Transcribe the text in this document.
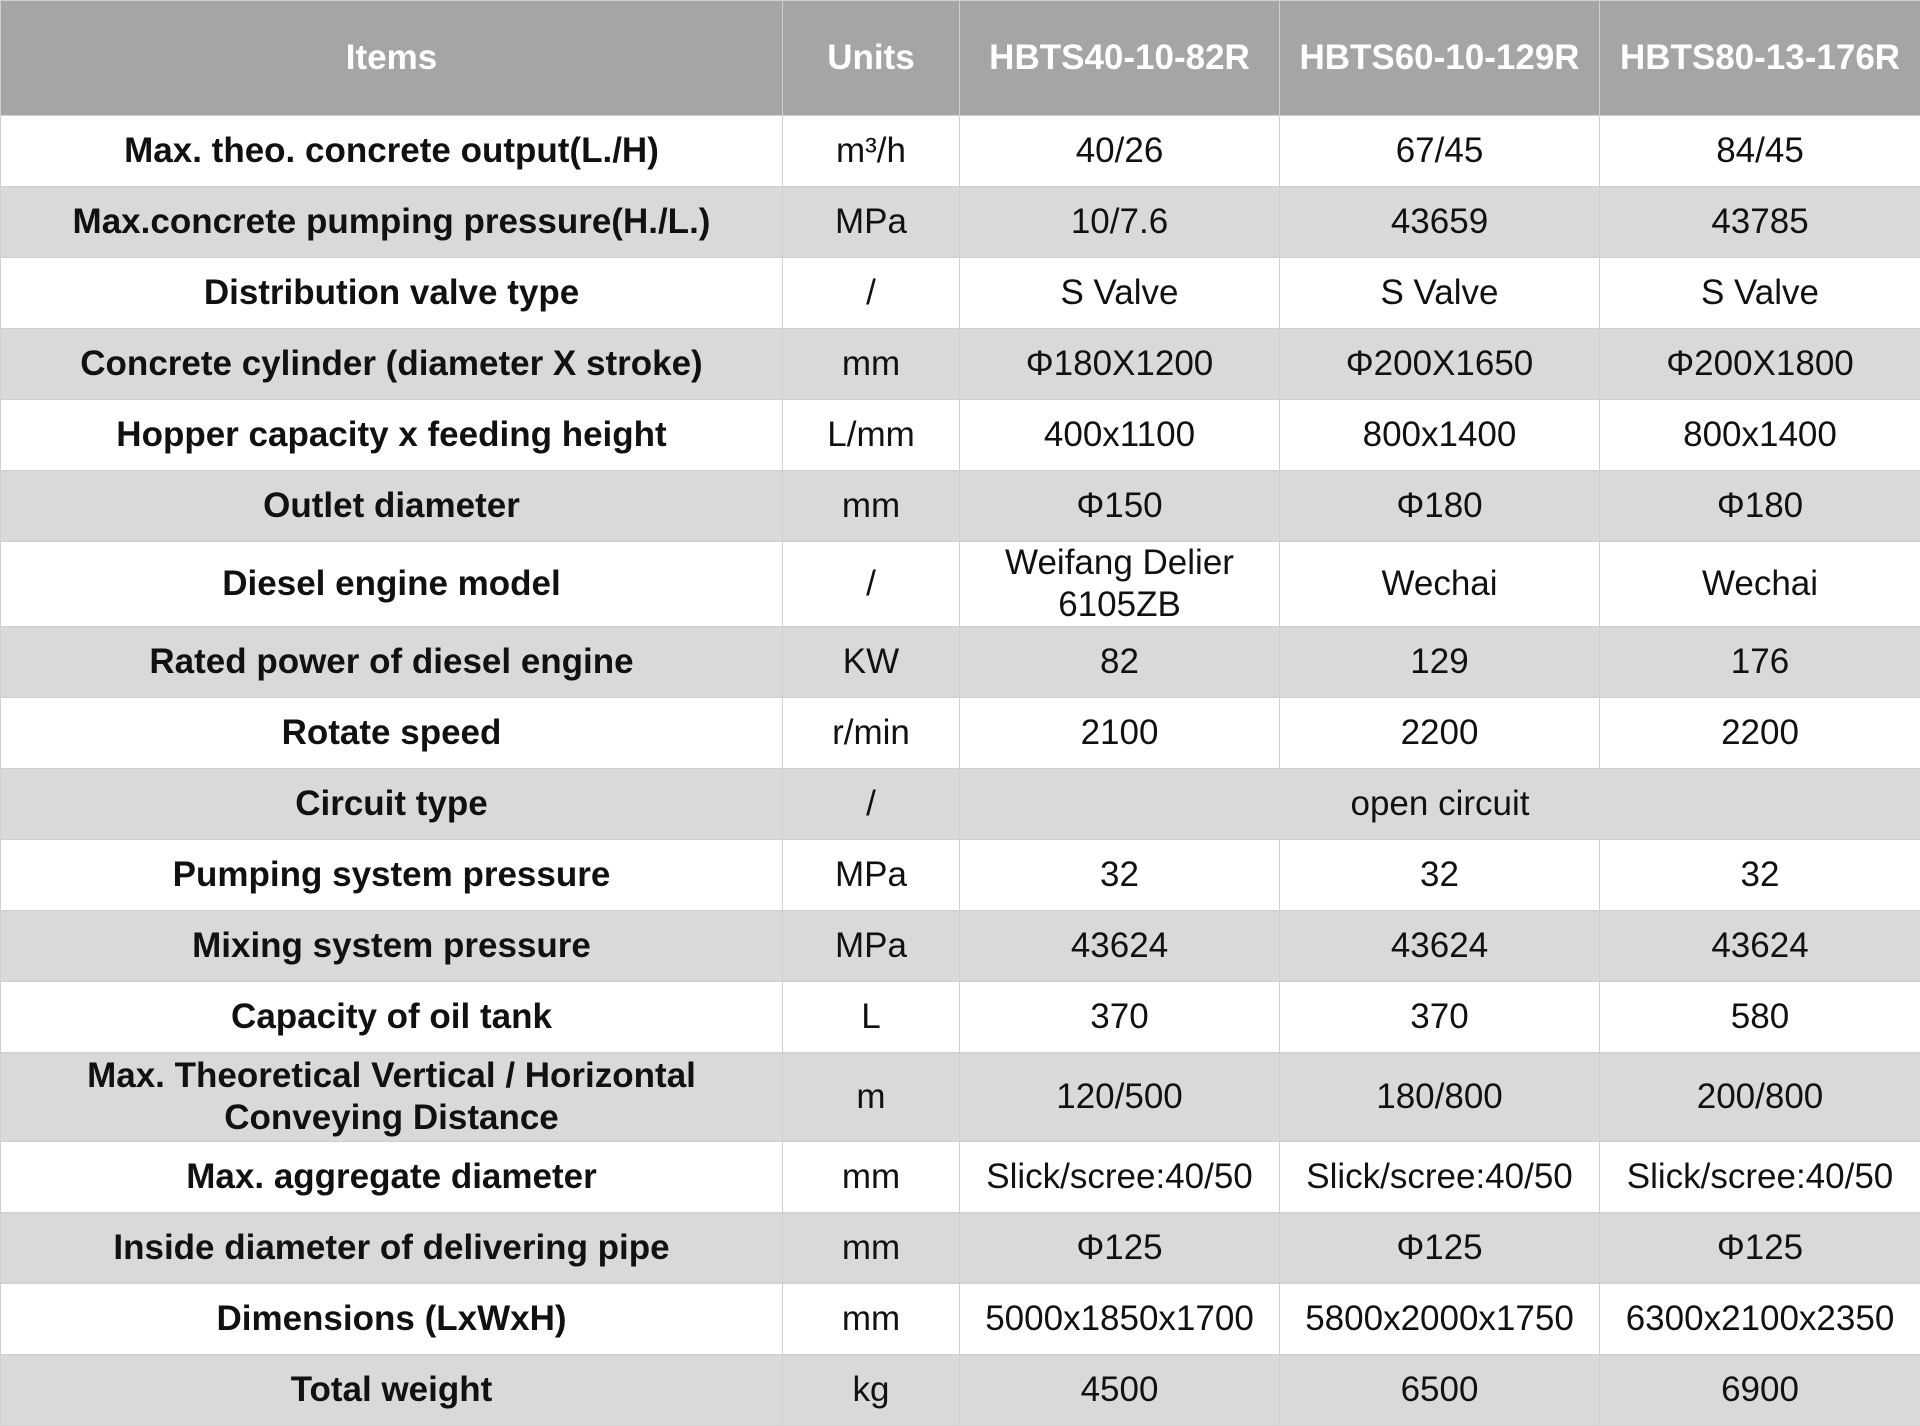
Items	Units	HBTS40-10-82R	HBTS60-10-129R	HBTS80-13-176R
Max. theo. concrete output(L./H)	m³/h	40/26	67/45	84/45
Max.concrete pumping pressure(H./L.)	MPa	10/7.6	43659	43785
Distribution valve type	/	S Valve	S Valve	S Valve
Concrete cylinder (diameter X stroke)	mm	Φ180X1200	Φ200X1650	Φ200X1800
Hopper capacity x feeding height	L/mm	400x1100	800x1400	800x1400
Outlet diameter	mm	Φ150	Φ180	Φ180
Diesel engine model	/	Weifang Delier 6105ZB	Wechai	Wechai
Rated power of diesel engine	KW	82	129	176
Rotate speed	r/min	2100	2200	2200
Circuit type	/	open circuit		
Pumping system pressure	MPa	32	32	32
Mixing system pressure	MPa	43624	43624	43624
Capacity of oil tank	L	370	370	580
Max. Theoretical Vertical / Horizontal Conveying Distance	m	120/500	180/800	200/800
Max. aggregate diameter	mm	Slick/scree:40/50	Slick/scree:40/50	Slick/scree:40/50
Inside diameter of delivering pipe	mm	Φ125	Φ125	Φ125
Dimensions (LxWxH)	mm	5000x1850x1700	5800x2000x1750	6300x2100x2350
Total weight	kg	4500	6500	6900
